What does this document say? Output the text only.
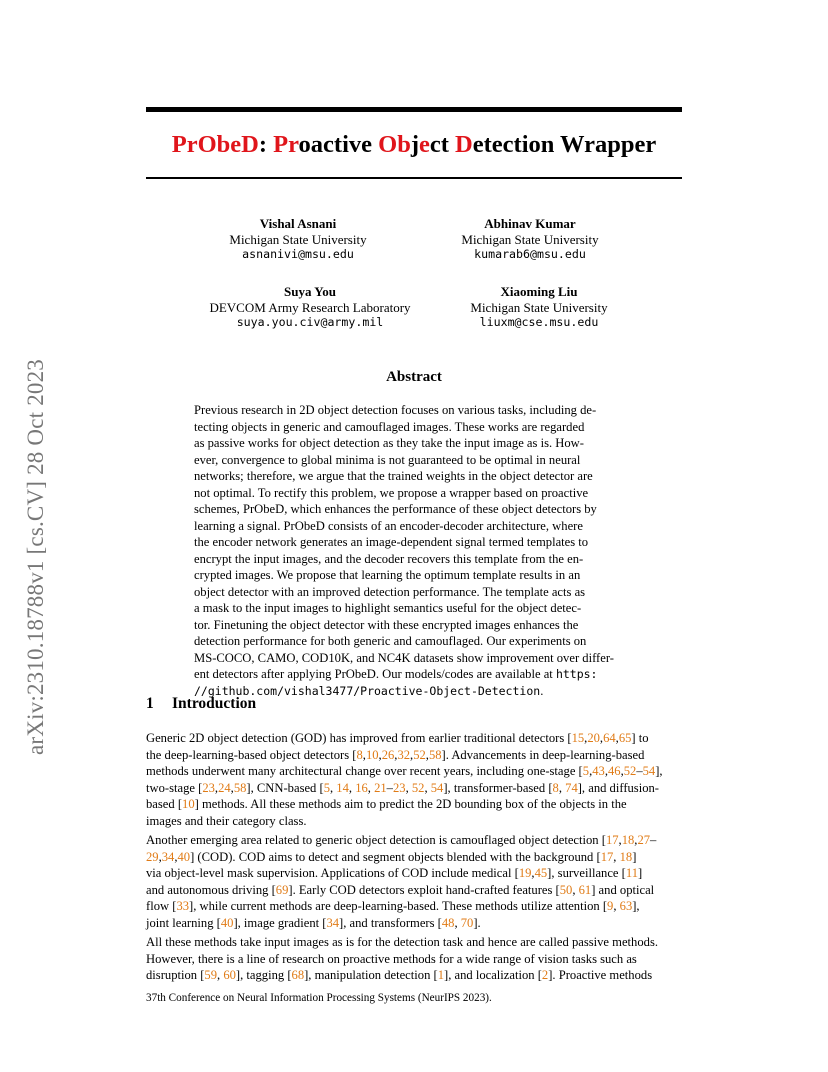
arXiv:2310.18788v1 [cs.CV] 28 Oct 2023
PrObeD: Proactive Object Detection Wrapper
Vishal Asnani
Michigan State University
asnanivi@msu.edu
Abhinav Kumar
Michigan State University
kumarab6@msu.edu
Suya You
DEVCOM Army Research Laboratory
suya.you.civ@army.mil
Xiaoming Liu
Michigan State University
liuxm@cse.msu.edu
Abstract
Previous research in 2D object detection focuses on various tasks, including de-
tecting objects in generic and camouflaged images. These works are regarded
as passive works for object detection as they take the input image as is. How-
ever, convergence to global minima is not guaranteed to be optimal in neural
networks; therefore, we argue that the trained weights in the object detector are
not optimal. To rectify this problem, we propose a wrapper based on proactive
schemes, PrObeD, which enhances the performance of these object detectors by
learning a signal. PrObeD consists of an encoder-decoder architecture, where
the encoder network generates an image-dependent signal termed templates to
encrypt the input images, and the decoder recovers this template from the en-
crypted images. We propose that learning the optimum template results in an
object detector with an improved detection performance. The template acts as
a mask to the input images to highlight semantics useful for the object detec-
tor. Finetuning the object detector with these encrypted images enhances the
detection performance for both generic and camouflaged. Our experiments on
MS-COCO, CAMO, COD10K, and NC4K datasets show improvement over differ-
ent detectors after applying PrObeD. Our models/codes are available at https:
//github.com/vishal3477/Proactive-Object-Detection.
1 Introduction
Generic 2D object detection (GOD) has improved from earlier traditional detectors [15,20,64,65] to
the deep-learning-based object detectors [8,10,26,32,52,58]. Advancements in deep-learning-based
methods underwent many architectural change over recent years, including one-stage [5,43,46,52–54],
two-stage [23,24,58], CNN-based [5, 14, 16, 21–23, 52, 54], transformer-based [8, 74], and diffusion-
based [10] methods. All these methods aim to predict the 2D bounding box of the objects in the
images and their category class.
Another emerging area related to generic object detection is camouflaged object detection [17,18,27–
29,34,40] (COD). COD aims to detect and segment objects blended with the background [17, 18]
via object-level mask supervision. Applications of COD include medical [19,45], surveillance [11]
and autonomous driving [69]. Early COD detectors exploit hand-crafted features [50, 61] and optical
flow [33], while current methods are deep-learning-based. These methods utilize attention [9, 63],
joint learning [40], image gradient [34], and transformers [48, 70].
All these methods take input images as is for the detection task and hence are called passive methods.
However, there is a line of research on proactive methods for a wide range of vision tasks such as
disruption [59, 60], tagging [68], manipulation detection [1], and localization [2]. Proactive methods
37th Conference on Neural Information Processing Systems (NeurIPS 2023).
